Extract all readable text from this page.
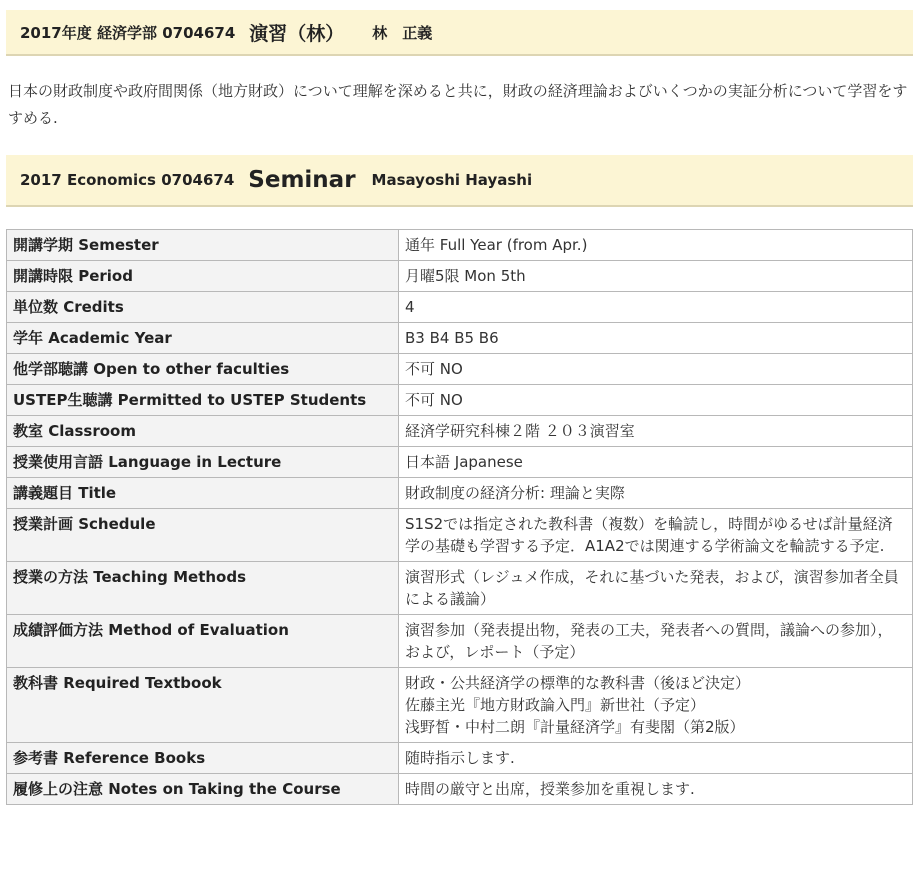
2017年度 経済学部 0704674 演習（林） 林　正義
日本の財政制度や政府間関係（地方財政）について理解を深めると共に，財政の経済理論およびいくつかの実証分析について学習をすすめる.
2017 Economics 0704674 Seminar Masayoshi Hayashi
開講学期 Semester	通年 Full Year (from Apr.)

開講時限 Period	月曜5限 Mon 5th

単位数 Credits	4

学年 Academic Year	B3 B4 B5 B6

他学部聴講 Open to other faculties	不可 NO

USTEP生聴講 Permitted to USTEP Students	不可 NO

教室 Classroom	経済学研究科棟２階 ２０３演習室

授業使用言語 Language in Lecture	日本語 Japanese

講義題目 Title	財政制度の経済分析: 理論と実際

授業計画 Schedule	S1S2では指定された教科書（複数）を輪読し，時間がゆるせば計量経済学の基礎も学習する予定．A1A2では関連する学術論文を輪読する予定.

授業の方法 Teaching Methods	演習形式（レジュメ作成，それに基づいた発表，および，演習参加者全員による議論）

成績評価方法 Method of Evaluation	演習参加（発表提出物，発表の工夫，発表者への質問，議論への参加），および，レポート（予定）

教科書 Required Textbook	財政・公共経済学の標準的な教科書（後ほど決定）
佐藤主光『地方財政論入門』新世社（予定）
浅野皙・中村二朗『計量経済学』有斐閣（第2版）

参考書 Reference Books	随時指示します.

履修上の注意 Notes on Taking the Course	時間の厳守と出席，授業参加を重視します.
